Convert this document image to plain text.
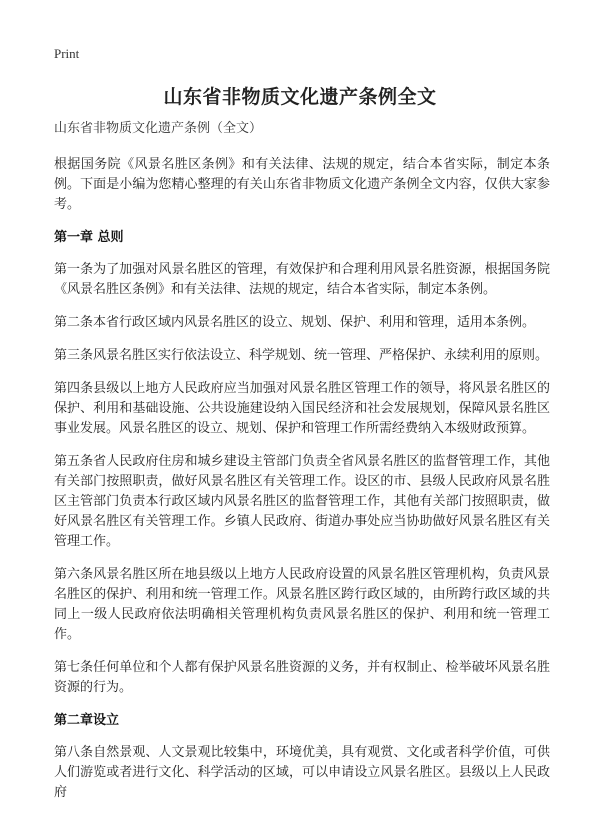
Print
山东省非物质文化遗产条例全文
山东省非物质文化遗产条例（全文）

根据国务院《风景名胜区条例》和有关法律、法规的规定，结合本省实际，制定本条例。下面是小编为您精心整理的有关山东省非物质文化遗产条例全文内容，仅供大家参考。

第一章 总则

第一条为了加强对风景名胜区的管理，有效保护和合理利用风景名胜资源，根据国务院《风景名胜区条例》和有关法律、法规的规定，结合本省实际，制定本条例。

第二条本省行政区域内风景名胜区的设立、规划、保护、利用和管理，适用本条例。

第三条风景名胜区实行依法设立、科学规划、统一管理、严格保护、永续利用的原则。

第四条县级以上地方人民政府应当加强对风景名胜区管理工作的领导，将风景名胜区的保护、利用和基础设施、公共设施建设纳入国民经济和社会发展规划，保障风景名胜区事业发展。风景名胜区的设立、规划、保护和管理工作所需经费纳入本级财政预算。

第五条省人民政府住房和城乡建设主管部门负责全省风景名胜区的监督管理工作，其他有关部门按照职责，做好风景名胜区有关管理工作。设区的市、县级人民政府风景名胜区主管部门负责本行政区域内风景名胜区的监督管理工作，其他有关部门按照职责，做好风景名胜区有关管理工作。乡镇人民政府、街道办事处应当协助做好风景名胜区有关管理工作。

第六条风景名胜区所在地县级以上地方人民政府设置的风景名胜区管理机构，负责风景名胜区的保护、利用和统一管理工作。风景名胜区跨行政区域的，由所跨行政区域的共同上一级人民政府依法明确相关管理机构负责风景名胜区的保护、利用和统一管理工作。

第七条任何单位和个人都有保护风景名胜资源的义务，并有权制止、检举破坏风景名胜资源的行为。

第二章设立

第八条自然景观、人文景观比较集中，环境优美，具有观赏、文化或者科学价值，可供人们游览或者进行文化、科学活动的区域，可以申请设立风景名胜区。县级以上人民政府
